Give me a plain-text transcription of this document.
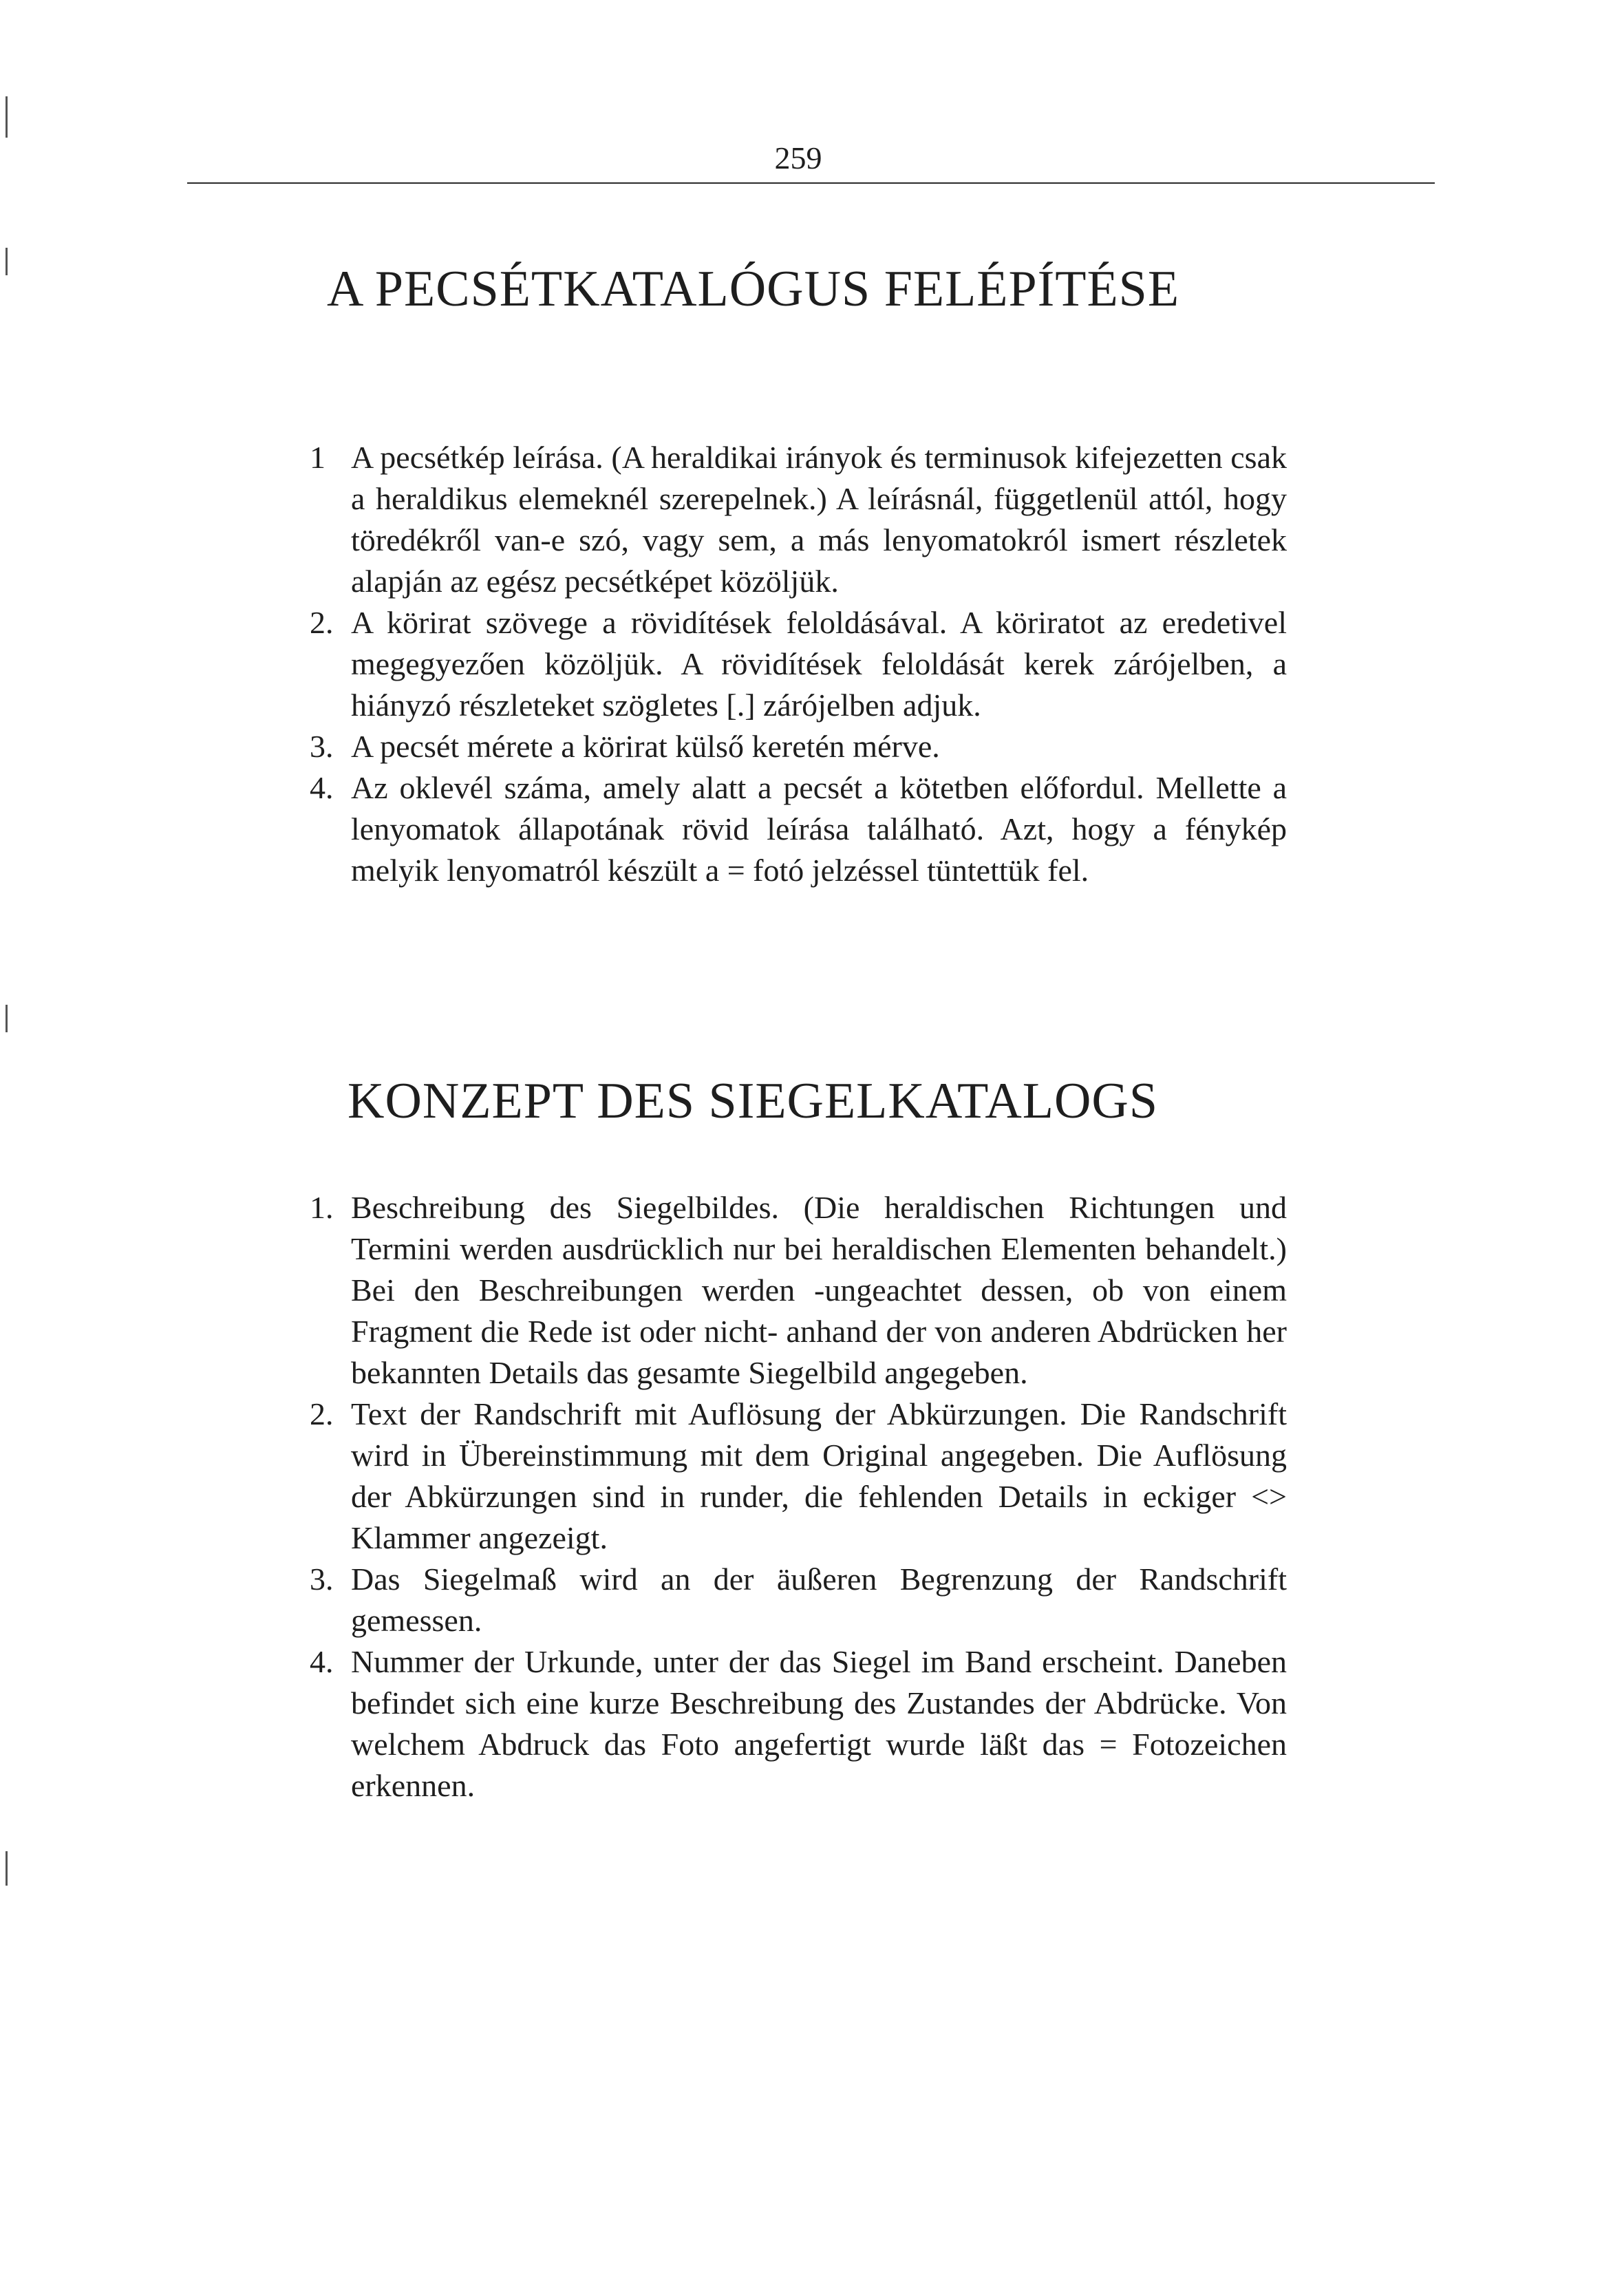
259
A PECSÉTKATALÓGUS FELÉPÍTÉSE
1 A pecsétkép leírása. (A heraldikai irányok és terminusok kifejezetten csak a heraldikus elemeknél szerepelnek.) A leírásnál, függetlenül attól, hogy töredékről van-e szó, vagy sem, a más lenyomatokról ismert részletek alapján az egész pecsétképet közöljük.
2. A körirat szövege a rövidítések feloldásával. A köriratot az eredetivel megegyezően közöljük. A rövidítések feloldását kerek zárójelben, a hiányzó részleteket szögletes [.] zárójelben adjuk.
3. A pecsét mérete a körirat külső keretén mérve.
4. Az oklevél száma, amely alatt a pecsét a kötetben előfordul. Mellette a lenyomatok állapotának rövid leírása található. Azt, hogy a fénykép melyik lenyomatról készült a = fotó jelzéssel tüntettük fel.
KONZEPT DES SIEGELKATALOGS
1. Beschreibung des Siegelbildes. (Die heraldischen Richtungen und Termini werden ausdrücklich nur bei heraldischen Elementen behandelt.) Bei den Beschreibungen werden -ungeachtet dessen, ob von einem Fragment die Rede ist oder nicht- anhand der von anderen Abdrücken her bekannten Details das gesamte Siegelbild angegeben.
2. Text der Randschrift mit Auflösung der Abkürzungen. Die Randschrift wird in Übereinstimmung mit dem Original angegeben. Die Auflösung der Abkürzungen sind in runder, die fehlenden Details in eckiger <> Klammer angezeigt.
3. Das Siegelmaß wird an der äußeren Begrenzung der Randschrift gemessen.
4. Nummer der Urkunde, unter der das Siegel im Band erscheint. Daneben befindet sich eine kurze Beschreibung des Zustandes der Abdrücke. Von welchem Abdruck das Foto angefertigt wurde läßt das = Fotozeichen erkennen.
